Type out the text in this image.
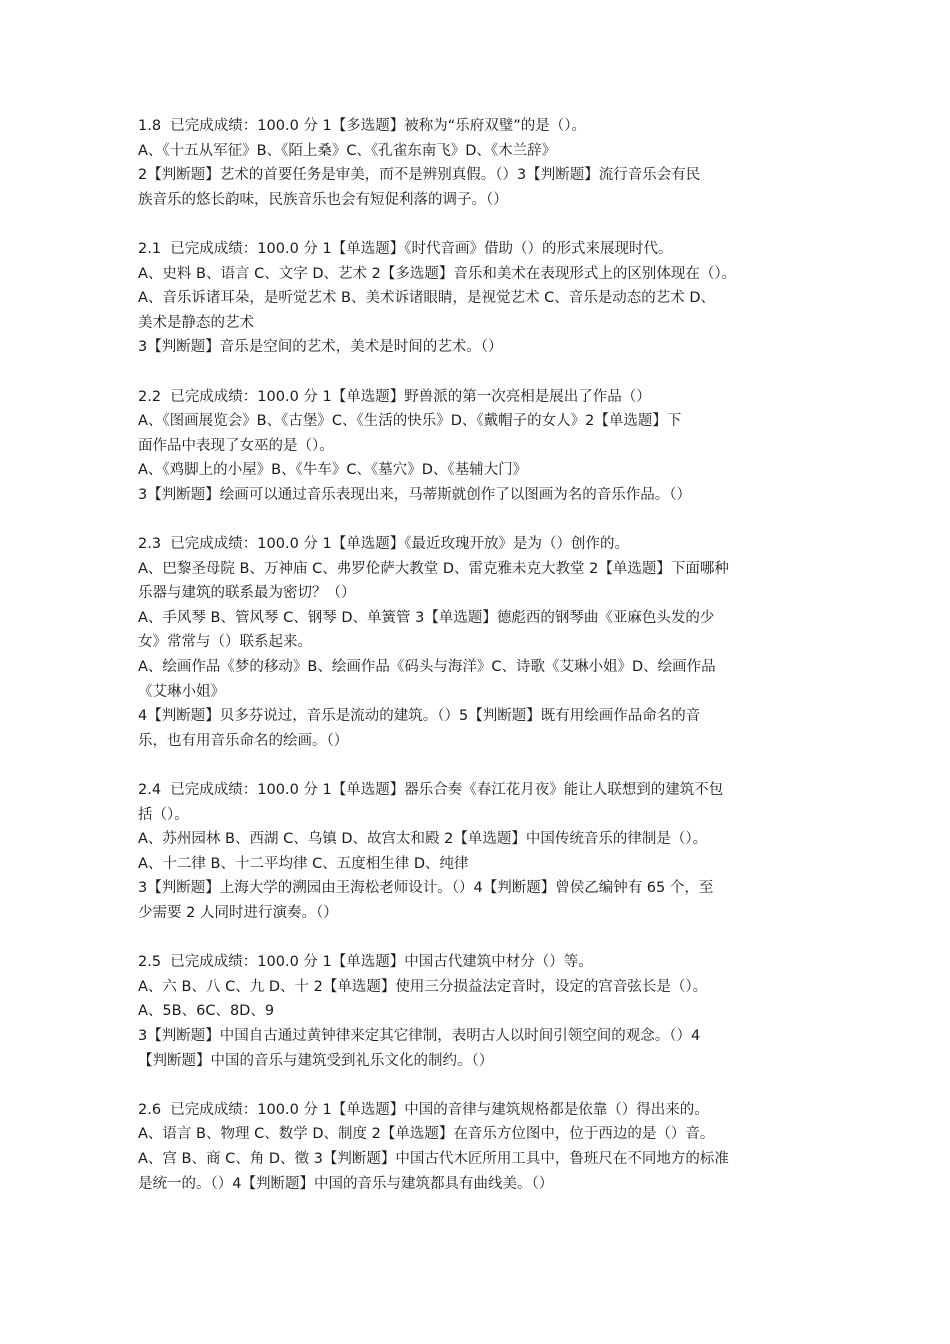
1.8  已完成成绩：100.0 分 1【多选题】被称为“乐府双璧”的是（）。
A、《十五从军征》B、《陌上桑》C、《孔雀东南飞》D、《木兰辞》
2【判断题】艺术的首要任务是审美，而不是辨别真假。（）3【判断题】流行音乐会有民
族音乐的悠长韵味，民族音乐也会有短促利落的调子。（）
2.1  已完成成绩：100.0 分 1【单选题】《时代音画》借助（）的形式来展现时代。
A、史料 B、语言 C、文字 D、艺术 2【多选题】音乐和美术在表现形式上的区别体现在（）。
A、音乐诉诸耳朵，是听觉艺术 B、美术诉诸眼睛，是视觉艺术 C、音乐是动态的艺术 D、
美术是静态的艺术
3【判断题】音乐是空间的艺术，美术是时间的艺术。（）
2.2  已完成成绩：100.0 分 1【单选题】野兽派的第一次亮相是展出了作品（）
A、《图画展览会》B、《古堡》C、《生活的快乐》D、《戴帽子的女人》2【单选题】下
面作品中表现了女巫的是（）。
A、《鸡脚上的小屋》B、《牛车》C、《墓穴》D、《基辅大门》
3【判断题】绘画可以通过音乐表现出来，马蒂斯就创作了以图画为名的音乐作品。（）
2.3  已完成成绩：100.0 分 1【单选题】《最近玫瑰开放》是为（）创作的。
A、巴黎圣母院 B、万神庙 C、弗罗伦萨大教堂 D、雷克雅未克大教堂 2【单选题】下面哪种
乐器与建筑的联系最为密切？（）
A、手风琴 B、管风琴 C、钢琴 D、单簧管 3【单选题】德彪西的钢琴曲《亚麻色头发的少
女》常常与（）联系起来。
A、绘画作品《梦的移动》B、绘画作品《码头与海洋》C、诗歌《艾琳小姐》D、绘画作品
《艾琳小姐》
4【判断题】贝多芬说过，音乐是流动的建筑。（）5【判断题】既有用绘画作品命名的音
乐，也有用音乐命名的绘画。（）
2.4  已完成成绩：100.0 分 1【单选题】器乐合奏《春江花月夜》能让人联想到的建筑不包
括（）。
A、苏州园林 B、西湖 C、乌镇 D、故宫太和殿 2【单选题】中国传统音乐的律制是（）。
A、十二律 B、十二平均律 C、五度相生律 D、纯律
3【判断题】上海大学的溯园由王海松老师设计。（）4【判断题】曾侯乙编钟有 65 个，至
少需要 2 人同时进行演奏。（）
2.5  已完成成绩：100.0 分 1【单选题】中国古代建筑中材分（）等。
A、六 B、八 C、九 D、十 2【单选题】使用三分损益法定音时，设定的宫音弦长是（）。
A、5B、6C、8D、9
3【判断题】中国自古通过黄钟律来定其它律制，表明古人以时间引领空间的观念。（）4
【判断题】中国的音乐与建筑受到礼乐文化的制约。（）
2.6  已完成成绩：100.0 分 1【单选题】中国的音律与建筑规格都是依靠（）得出来的。
A、语言 B、物理 C、数学 D、制度 2【单选题】在音乐方位图中，位于西边的是（）音。
A、宫 B、商 C、角 D、徵 3【判断题】中国古代木匠所用工具中，鲁班尺在不同地方的标准
是统一的。（）4【判断题】中国的音乐与建筑都具有曲线美。（）
